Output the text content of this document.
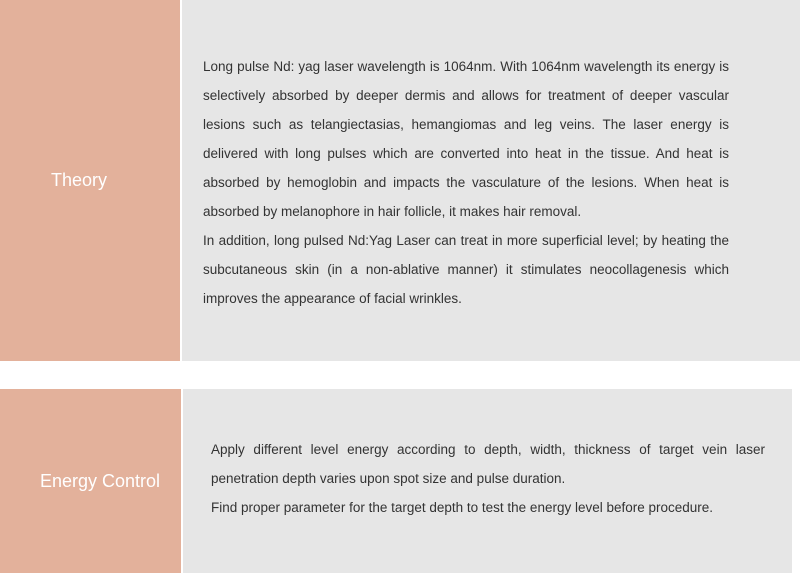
Theory

Long pulse Nd: yag laser wavelength is 1064nm. With 1064nm wavelength its energy is selectively absorbed by deeper dermis and allows for treatment of deeper vascular lesions such as telangiectasias, hemangiomas and leg veins. The laser energy is delivered with long pulses which are converted into heat in the tissue. And heat is absorbed by hemoglobin and impacts the vasculature of the lesions. When heat is absorbed by melanophore in hair follicle, it makes hair removal.

In addition, long pulsed Nd:Yag Laser can treat in more superficial level; by heating the subcutaneous skin (in a non-ablative manner) it stimulates neocollagenesis which improves the appearance of facial wrinkles.

Energy Control

Apply different level energy according to depth, width, thickness of target vein laser penetration depth varies upon spot size and pulse duration.

Find proper parameter for the target depth to test the energy level before procedure.
